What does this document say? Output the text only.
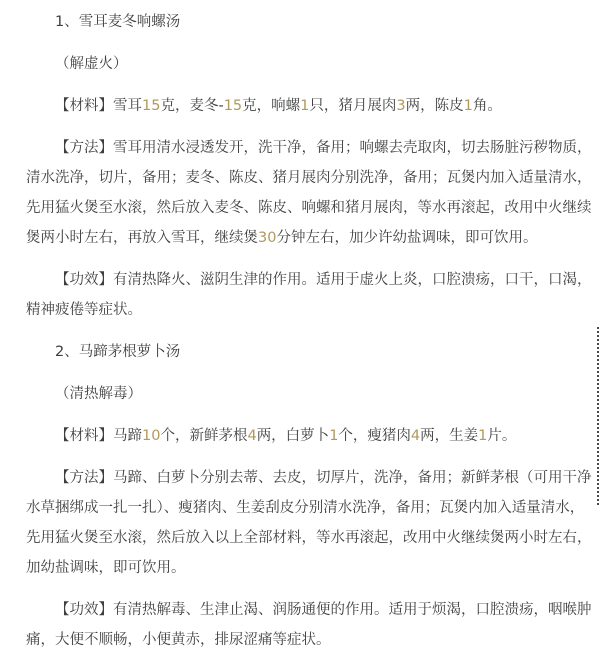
1、雪耳麦冬响螺汤

（解虚火）

【材料】雪耳15克，麦冬-15克，响螺1只，猪月展肉3两，陈皮1角。

【方法】雪耳用清水浸透发开，洗干净，备用；响螺去壳取肉，切去肠脏污秽物质，清水洗净，切片，备用；麦冬、陈皮、猪月展肉分别洗净，备用；瓦煲内加入适量清水，先用猛火煲至水滚，然后放入麦冬、陈皮、响螺和猪月展肉，等水再滚起，改用中火继续煲两小时左右，再放入雪耳，继续煲30分钟左右，加少许幼盐调味，即可饮用。

【功效】有清热降火、滋阴生津的作用。适用于虚火上炎，口腔溃疡，口干，口渴，精神疲倦等症状。

2、马蹄茅根萝卜汤

（清热解毒）

【材料】马蹄10个，新鲜茅根4两，白萝卜1个，瘦猪肉4两，生姜1片。

【方法】马蹄、白萝卜分别去蒂、去皮，切厚片，洗净，备用；新鲜茅根（可用干净水草捆绑成一扎一扎）、瘦猪肉、生姜刮皮分别清水洗净，备用；瓦煲内加入适量清水，先用猛火煲至水滚，然后放入以上全部材料，等水再滚起，改用中火继续煲两小时左右，加幼盐调味，即可饮用。

【功效】有清热解毒、生津止渴、润肠通便的作用。适用于烦渴，口腔溃疡，咽喉肿痛，大便不顺畅，小便黄赤，排尿涩痛等症状。
